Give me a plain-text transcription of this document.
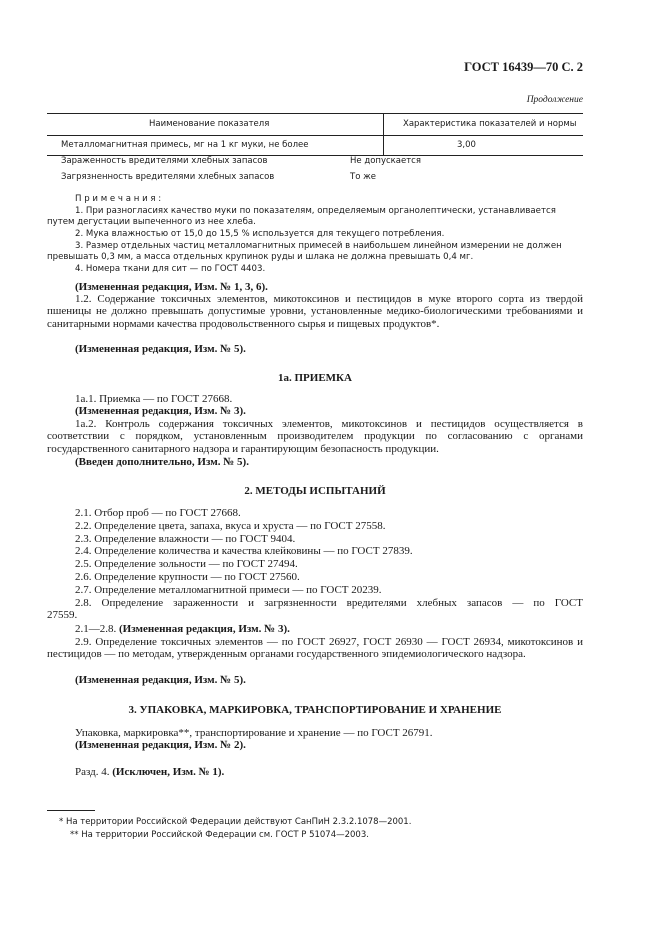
ГОСТ 16439—70 С. 2
Продолжение
Наименование показателя	Характеристика показателей и нормы
Металломагнитная примесь, мг на 1 кг муки, не более	3,00
Зараженность вредителями хлебных запасов	Не допускается
Загрязненность вредителями хлебных запасов	То же
П р и м е ч а н и я :
1. При разногласиях качество муки по показателям, определяемым органолептически, устанавливается
путем дегустации выпеченного из нее хлеба.
2. Мука влажностью от 15,0 до 15,5 % используется для текущего потребления.
3. Размер отдельных частиц металломагнитных примесей в наибольшем линейном измерении не должен
превышать 0,3 мм, а масса отдельных крупинок руды и шлака не должна превышать 0,4 мг.
4. Номера ткани для сит — по ГОСТ 4403.
(Измененная редакция, Изм. № 1, 3, 6).
1.2. Содержание токсичных элементов, микотоксинов и пестицидов в муке второго сорта из твердой пшеницы не должно превышать допустимые уровни, установленные медико-биологическими требованиями и санитарными нормами качества продовольственного сырья и пищевых продуктов*.
(Измененная редакция, Изм. № 5).
1а. ПРИЕМКА
1а.1. Приемка — по ГОСТ 27668.
(Измененная редакция, Изм. № 3).
1а.2. Контроль содержания токсичных элементов, микотоксинов и пестицидов осуществляется в соответствии с порядком, установленным производителем продукции по согласованию с органами государственного санитарного надзора и гарантирующим безопасность продукции.
(Введен дополнительно, Изм. № 5).
2. МЕТОДЫ ИСПЫТАНИЙ
2.1. Отбор проб — по ГОСТ 27668.
2.2. Определение цвета, запаха, вкуса и хруста — по ГОСТ 27558.
2.3. Определение влажности — по ГОСТ 9404.
2.4. Определение количества и качества клейковины — по ГОСТ 27839.
2.5. Определение зольности — по ГОСТ 27494.
2.6. Определение крупности — по ГОСТ 27560.
2.7. Определение металломагнитной примеси — по ГОСТ 20239.
2.8. Определение зараженности и загрязненности вредителями хлебных запасов — по ГОСТ 27559.
2.1—2.8. (Измененная редакция, Изм. № 3).
2.9. Определение токсичных элементов — по ГОСТ 26927, ГОСТ 26930 — ГОСТ 26934, микотоксинов и пестицидов — по методам, утвержденным органами государственного эпидемиологического надзора.
(Измененная редакция, Изм. № 5).
3. УПАКОВКА, МАРКИРОВКА, ТРАНСПОРТИРОВАНИЕ И ХРАНЕНИЕ
Упаковка, маркировка**, транспортирование и хранение — по ГОСТ 26791.
(Измененная редакция, Изм. № 2).
Разд. 4. (Исключен, Изм. № 1).
* На территории Российской Федерации действуют СанПиН 2.3.2.1078—2001.
** На территории Российской Федерации см. ГОСТ Р 51074—2003.
